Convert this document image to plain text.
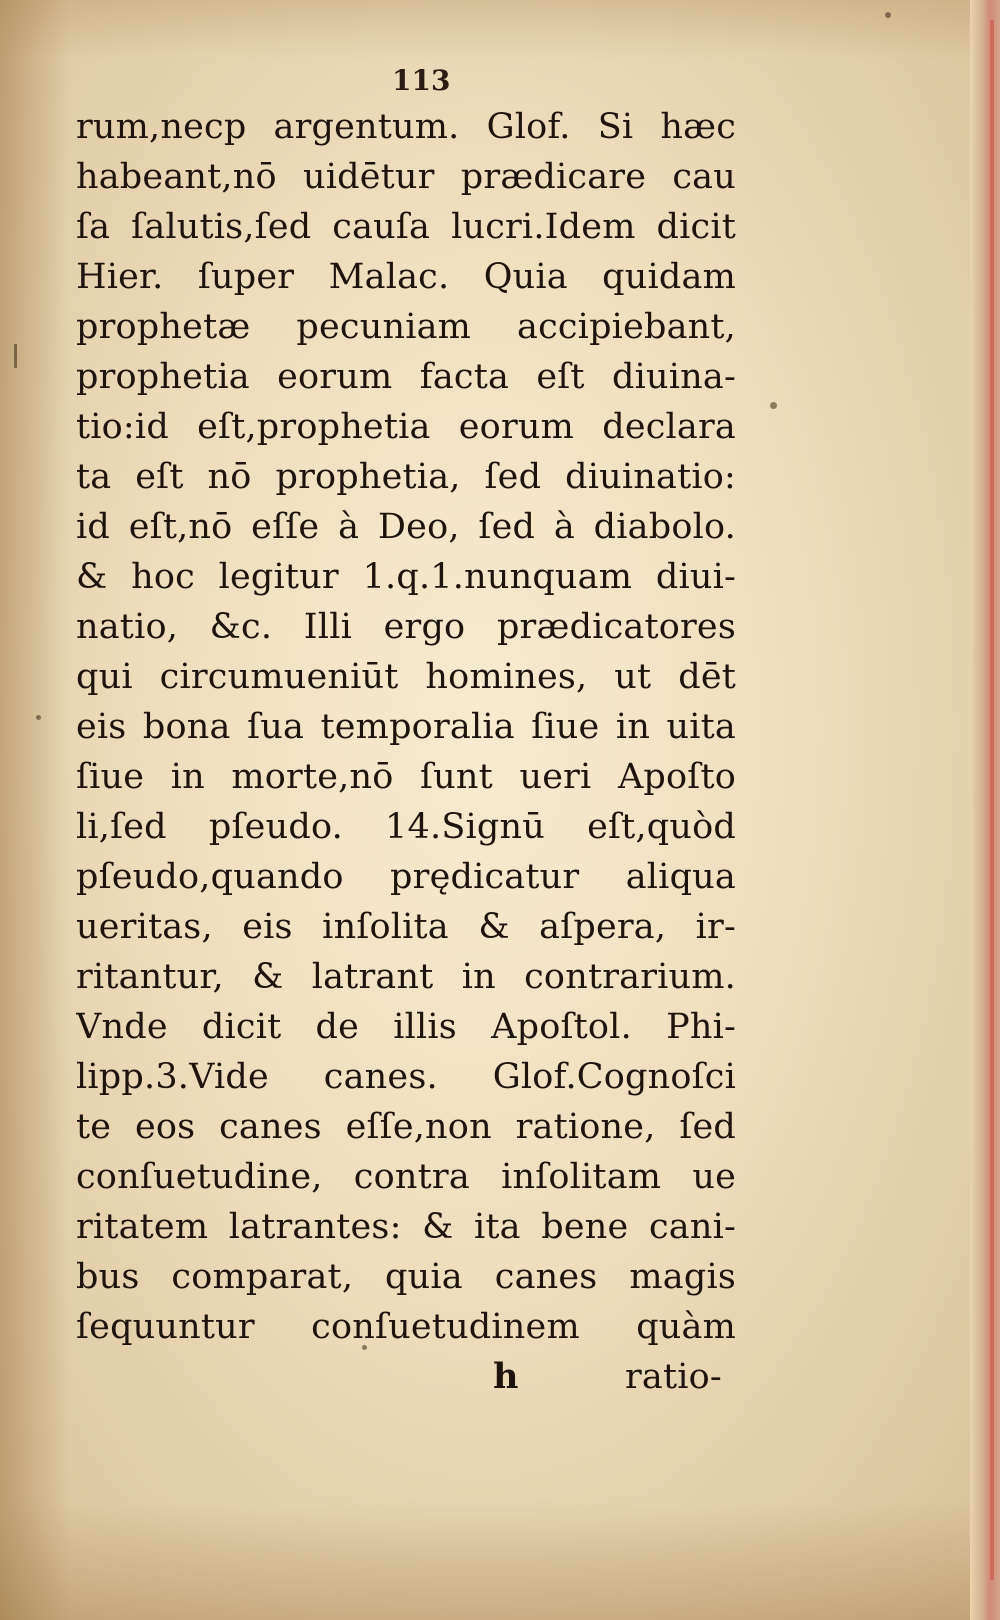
113
rum,necp argentum. Glof. Si hæc
habeant,nō uidētur prædicare cau
ſa ſalutis,ſed cauſa lucri.Idem dicit
Hier. ſuper Malac. Quia quidam
prophetæ pecuniam accipiebant,
prophetia eorum facta eſt diuina-
tio:id eſt,prophetia eorum declara
ta eſt nō prophetia, ſed diuinatio:
id eſt,nō eſſe à Deo, ſed à diabolo.
& hoc legitur 1.q.1.nunquam diui-
natio, &c. Illi ergo prædicatores
qui circumueniūt homines, ut dēt
eis bona ſua temporalia ſiue in uita
ſiue in morte,nō ſunt ueri Apoſto
li,ſed pſeudo. 14.Signū eſt,quòd
pſeudo,quando prędicatur aliqua
ueritas, eis inſolita & aſpera, ir-
ritantur, & latrant in contrarium.
Vnde dicit de illis Apoſtol. Phi-
lipp.3.Vide canes. Glof.Cognoſci
te eos canes eſſe,non ratione, ſed
conſuetudine, contra inſolitam ue
ritatem latrantes: & ita bene cani-
bus comparat, quia canes magis
ſequuntur conſuetudinem quàm
h	ratio-
